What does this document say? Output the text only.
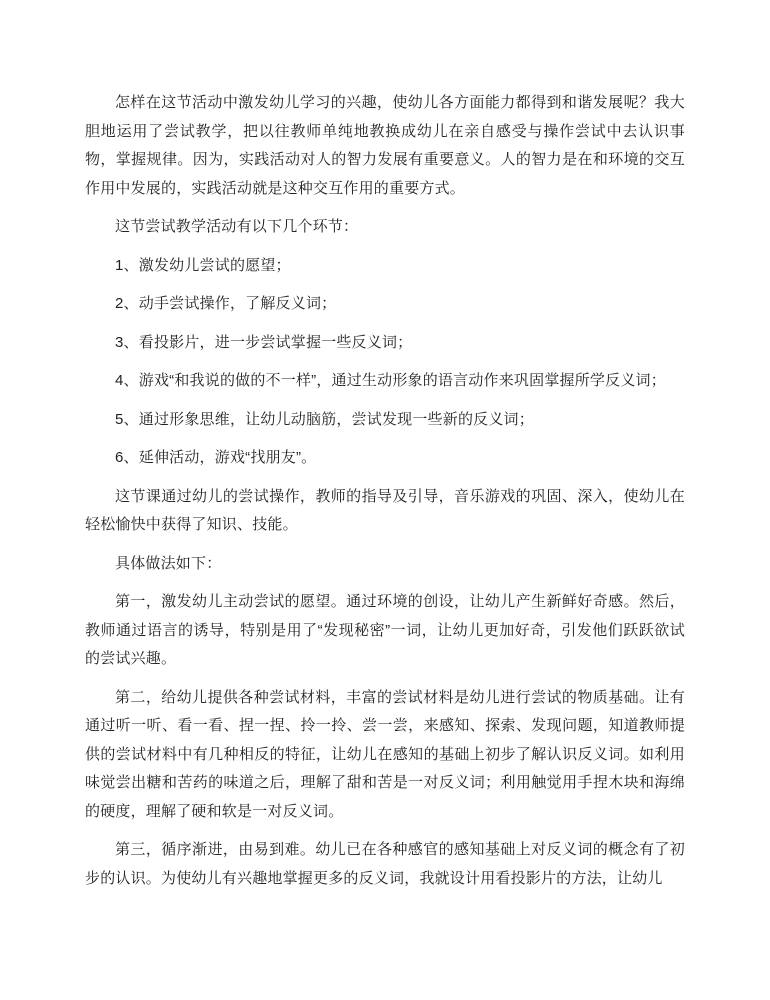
怎样在这节活动中激发幼儿学习的兴趣，使幼儿各方面能力都得到和谐发展呢？我大胆地运用了尝试教学，把以往教师单纯地教换成幼儿在亲自感受与操作尝试中去认识事物，掌握规律。因为，实践活动对人的智力发展有重要意义。人的智力是在和环境的交互作用中发展的，实践活动就是这种交互作用的重要方式。

这节尝试教学活动有以下几个环节：

1、激发幼儿尝试的愿望；

2、动手尝试操作，了解反义词；

3、看投影片，进一步尝试掌握一些反义词；

4、游戏“和我说的做的不一样”，通过生动形象的语言动作来巩固掌握所学反义词；

5、通过形象思维，让幼儿动脑筋，尝试发现一些新的反义词；

6、延伸活动，游戏“找朋友”。

这节课通过幼儿的尝试操作，教师的指导及引导，音乐游戏的巩固、深入，使幼儿在轻松愉快中获得了知识、技能。

具体做法如下：

第一，激发幼儿主动尝试的愿望。通过环境的创设，让幼儿产生新鲜好奇感。然后，教师通过语言的诱导，特别是用了“发现秘密”一词，让幼儿更加好奇，引发他们跃跃欲试的尝试兴趣。

第二，给幼儿提供各种尝试材料，丰富的尝试材料是幼儿进行尝试的物质基础。让有通过听一听、看一看、捏一捏、拎一拎、尝一尝，来感知、探索、发现问题，知道教师提供的尝试材料中有几种相反的特征，让幼儿在感知的基础上初步了解认识反义词。如利用味觉尝出糖和苦药的味道之后，理解了甜和苦是一对反义词；利用触觉用手捏木块和海绵的硬度，理解了硬和软是一对反义词。

第三，循序渐进，由易到难。幼儿已在各种感官的感知基础上对反义词的概念有了初步的认识。为使幼儿有兴趣地掌握更多的反义词，我就设计用看投影片的方法，让幼儿
